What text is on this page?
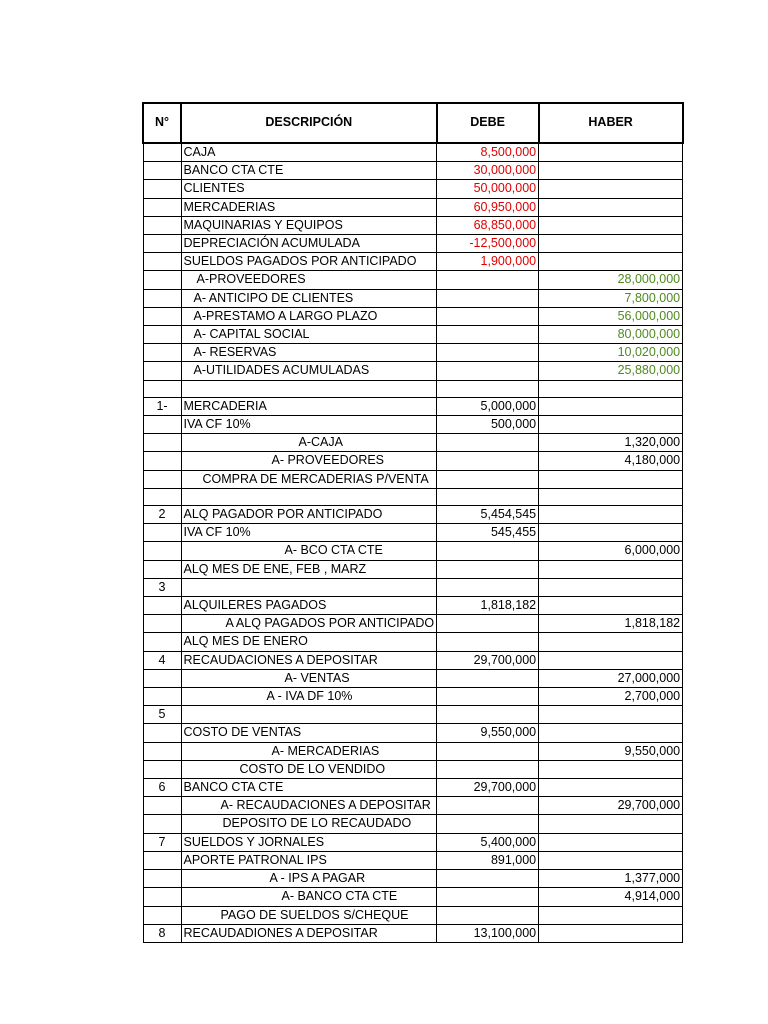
N°	DESCRIPCIÓN	DEBE	HABER
	CAJA	8,500,000	
	BANCO CTA CTE	30,000,000	
	CLIENTES	50,000,000	
	MERCADERIAS	60,950,000	
	MAQUINARIAS Y EQUIPOS	68,850,000	
	DEPRECIACIÓN ACUMULADA	-12,500,000	
	SUELDOS PAGADOS POR ANTICIPADO	1,900,000	
	A-PROVEEDORES		28,000,000
	A- ANTICIPO DE CLIENTES		7,800,000
	A-PRESTAMO A LARGO PLAZO		56,000,000
	A- CAPITAL SOCIAL		80,000,000
	A- RESERVAS		10,020,000
	A-UTILIDADES ACUMULADAS		25,880,000

1-	MERCADERIA	5,000,000	
	IVA CF 10%	500,000	
	A-CAJA		1,320,000
	A- PROVEEDORES		4,180,000
	COMPRA DE MERCADERIAS P/VENTA		

2	ALQ PAGADOR POR ANTICIPADO	5,454,545	
	IVA CF 10%	545,455	
	A- BCO CTA CTE		6,000,000
	ALQ MES DE ENE, FEB , MARZ		
3			
	ALQUILERES PAGADOS	1,818,182	
	A ALQ PAGADOS POR ANTICIPADO		1,818,182
	ALQ MES DE ENERO		
4	RECAUDACIONES A DEPOSITAR	29,700,000	
	A- VENTAS		27,000,000
	A - IVA DF 10%		2,700,000
5			
	COSTO DE VENTAS	9,550,000	
	A- MERCADERIAS		9,550,000
	COSTO DE LO VENDIDO		
6	BANCO CTA CTE	29,700,000	
	A- RECAUDACIONES A DEPOSITAR		29,700,000
	DEPOSITO DE LO RECAUDADO		
7	SUELDOS Y JORNALES	5,400,000	
	APORTE PATRONAL IPS	891,000	
	A - IPS A PAGAR		1,377,000
	A- BANCO CTA CTE		4,914,000
	PAGO DE SUELDOS S/CHEQUE		
8	RECAUDADIONES A DEPOSITAR	13,100,000	
